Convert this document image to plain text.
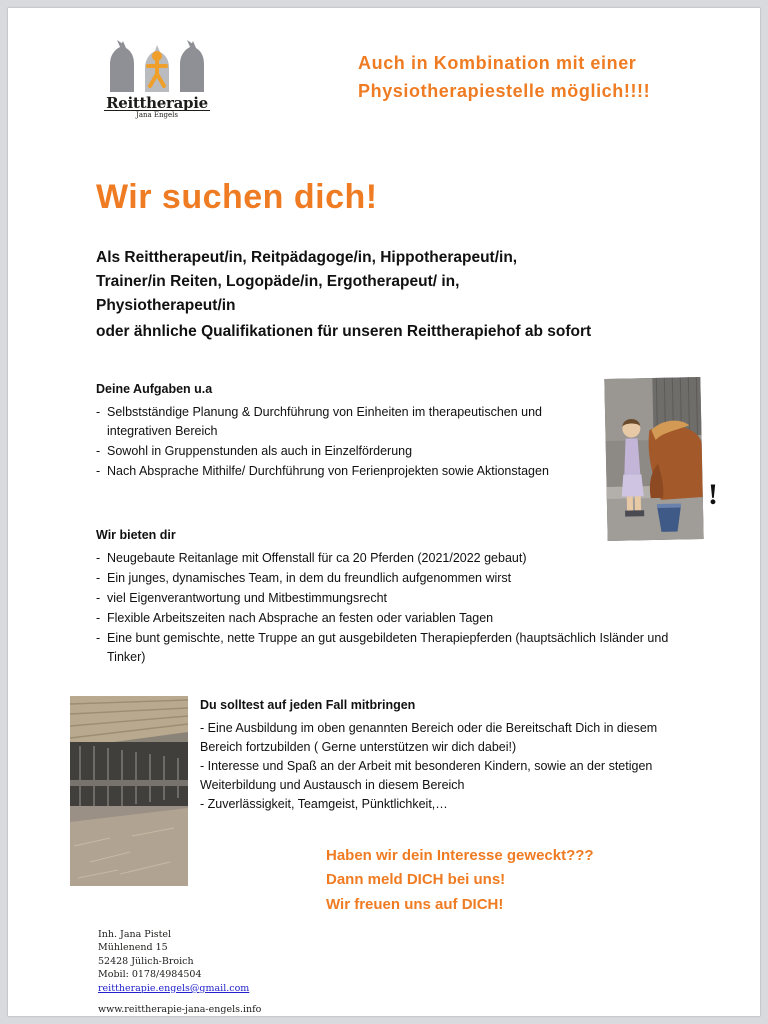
Reittherapie
Jana Engels
Auch in Kombination mit einer
Physiotherapiestelle möglich!!!!
Wir suchen dich!
Als Reittherapeut/in, Reitpädagoge/in, Hippotherapeut/in,
Trainer/in Reiten, Logopäde/in, Ergotherapeut/ in,
Physiotherapeut/in
oder ähnliche Qualifikationen für unseren Reittherapiehof ab sofort
Deine Aufgaben u.a
- Selbstständige Planung & Durchführung von Einheiten im therapeutischen und integrativen Bereich
- Sowohl in Gruppenstunden als auch in Einzelförderung
- Nach Absprache Mithilfe/ Durchführung von Ferienprojekten sowie Aktionstagen
Wir bieten dir
- Neugebaute Reitanlage mit Offenstall für ca 20 Pferden (2021/2022 gebaut)
- Ein junges, dynamisches Team, in dem du freundlich aufgenommen wirst
- viel Eigenverantwortung und Mitbestimmungsrecht
- Flexible Arbeitszeiten nach Absprache an festen oder variablen Tagen
- Eine bunt gemischte, nette Truppe an gut ausgebildeten Therapiepferden (hauptsächlich Isländer und Tinker)
Du solltest auf jeden Fall mitbringen

- Eine Ausbildung im oben genannten Bereich oder die Bereitschaft Dich in diesem Bereich fortzubilden ( Gerne unterstützen wir dich dabei!)

- Interesse und Spaß an der Arbeit mit besonderen Kindern, sowie an der stetigen Weiterbildung und Austausch in diesem Bereich

- Zuverlässigkeit, Teamgeist, Pünktlichkeit,…

!
Haben wir dein Interesse geweckt???
Dann meld DICH bei uns!
Wir freuen uns auf DICH!
Inh. Jana Pistel
Mühlenend 15
52428 Jülich-Broich
Mobil: 0178/4984504
reittherapie.engels@gmail.com
www.reittherapie-jana-engels.info
